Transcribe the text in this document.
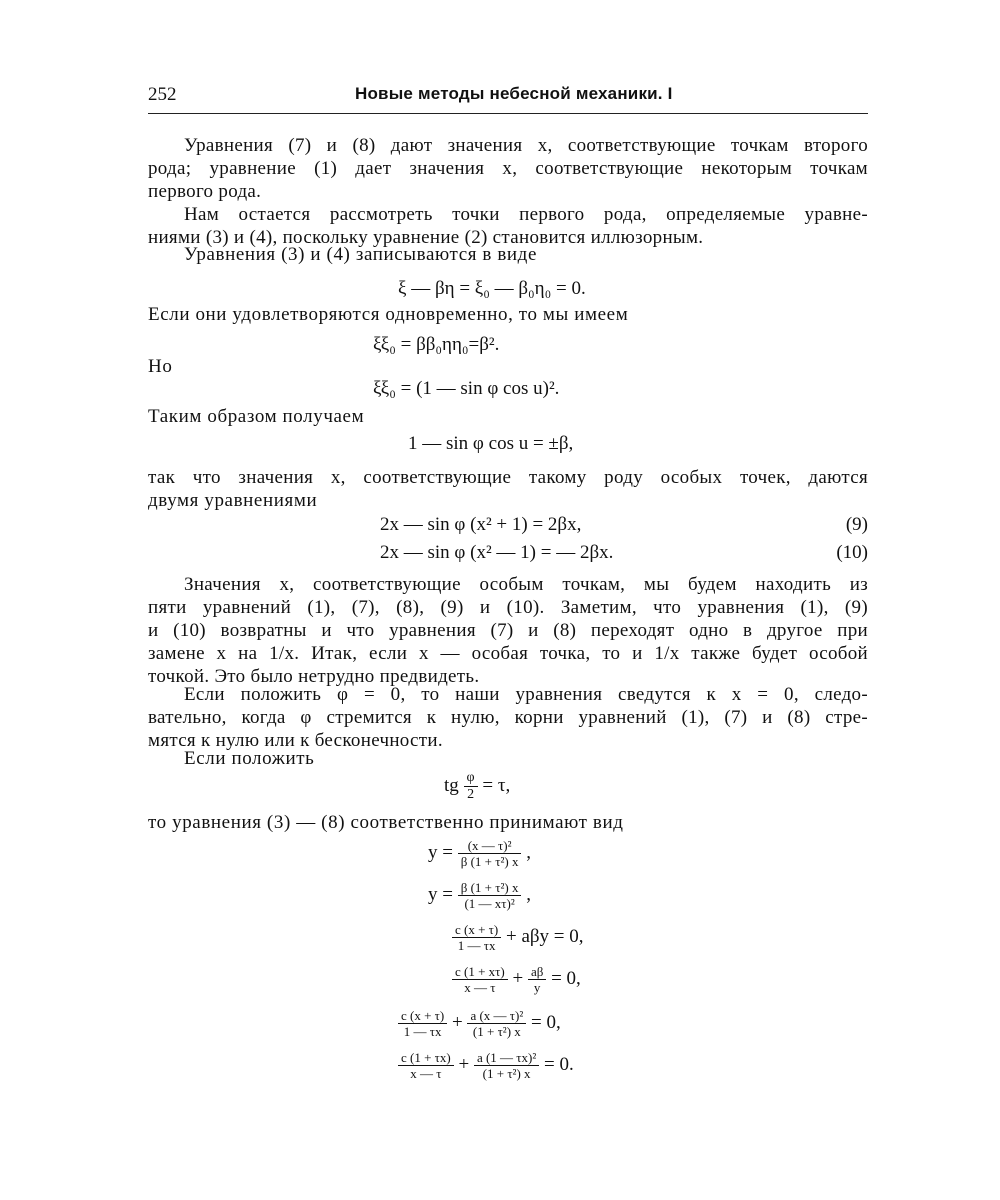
252	Новые методы небесной механики. I
Уравнения (7) и (8) дают значения x, соответствующие точкам второго
рода; уравнение (1) дает значения x, соответствующие некоторым точкам
первого рода.
Нам остается рассмотреть точки первого рода, определяемые уравне-
ниями (3) и (4), поскольку уравнение (2) становится иллюзорным.
Уравнения (3) и (4) записываются в виде
ξ — βη = ξ₀ — β₀η₀ = 0.
Если они удовлетворяются одновременно, то мы имеем
ξξ₀ = ββ₀ηη₀=β².
Но
ξξ₀ = (1 — sin φ cos u)².
Таким образом получаем
1 — sin φ cos u = ±β,
так что значения x, соответствующие такому роду особых точек, даются
двумя уравнениями
2x — sin φ (x² + 1) = 2βx,	(9)
2x — sin φ (x² — 1) = — 2βx.	(10)
Значения x, соответствующие особым точкам, мы будем находить из
пяти уравнений (1), (7), (8), (9) и (10). Заметим, что уравнения (1), (9)
и (10) возвратны и что уравнения (7) и (8) переходят одно в другое при
замене x на 1/x. Итак, если x — особая точка, то и 1/x также будет особой
точкой. Это было нетрудно предвидеть.
Если положить φ = 0, то наши уравнения сведутся к x = 0, следо-
вательно, когда φ стремится к нулю, корни уравнений (1), (7) и (8) стре-
мятся к нулю или к бесконечности.
Если положить
tg $\frac{\varphi}{2} = \tau$,
то уравнения (3) — (8) соответственно принимают вид
$y = \frac{\text{(x — τ)²}}{\text{β (1 + τ²) x}}$ ,
$y = \frac{\text{β (1 + τ²) x}}{\text{(1 — xτ)²}}$ ,
$\frac{c (x + \tau)}{1 — \tau x} + a\beta y = 0$,
$\frac{c (1 + x\tau)}{x — \tau} + \frac{a\beta}{y} = 0$,
$\frac{c (x + \tau)}{1 — \tau x} + \frac{\text{a (x — τ)²}}{\text{(1 + τ²) x}} = 0$,
$\frac{c (1 + \tau x)}{x — \tau} + \frac{\text{a (1 — τx)²}}{\text{(1 + τ²) x}} = 0$.
